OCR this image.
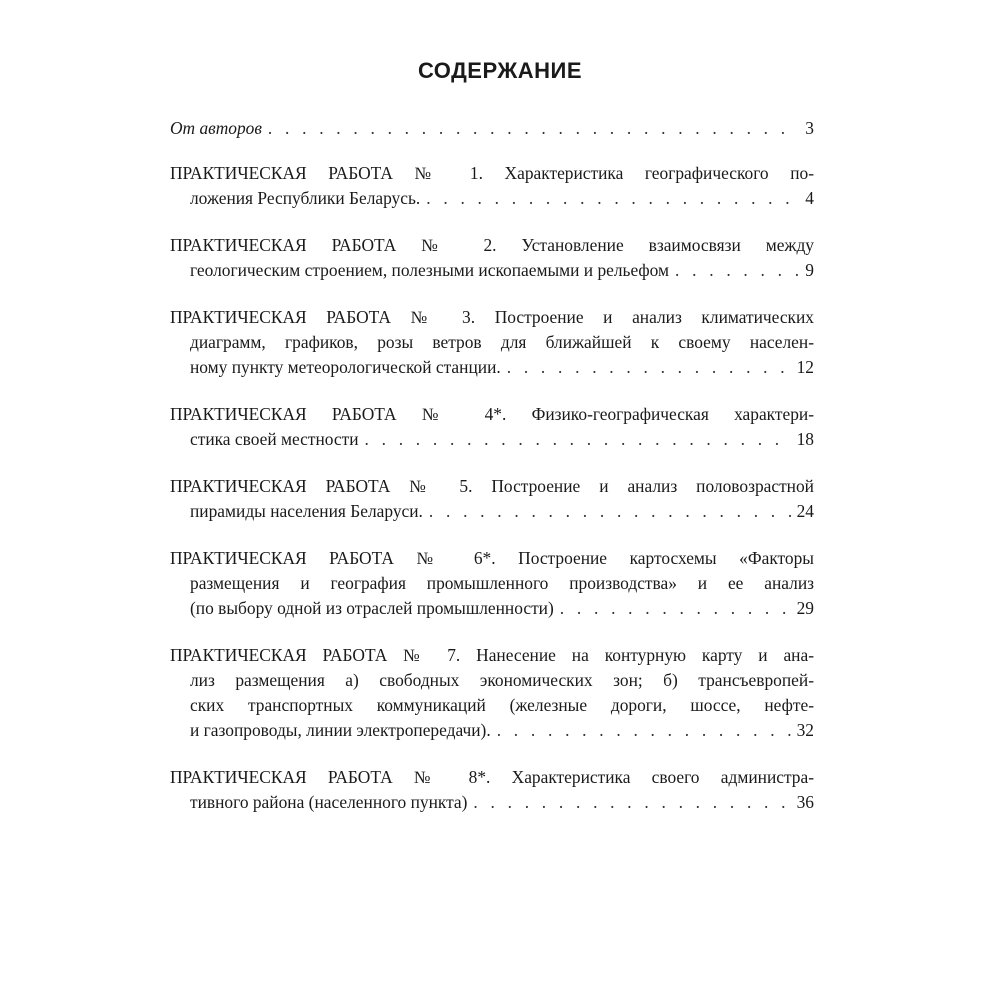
СОДЕРЖАНИЕ
От авторов . . .	3
ПРАКТИЧЕСКАЯ РАБОТА № 1. Характеристика географического по-
ложения Республики Беларусь. . . .	4
ПРАКТИЧЕСКАЯ РАБОТА № 2. Установление взаимосвязи между
геологическим строением, полезными ископаемыми и рельефом . . .	9
ПРАКТИЧЕСКАЯ РАБОТА № 3. Построение и анализ климатических
диаграмм, графиков, розы ветров для ближайшей к своему населен-
ному пункту метеорологической станции. . . .	12
ПРАКТИЧЕСКАЯ РАБОТА № 4*. Физико-географическая характери-
стика своей местности . . .	18
ПРАКТИЧЕСКАЯ РАБОТА № 5. Построение и анализ половозрастной
пирамиды населения Беларуси. . . .	24
ПРАКТИЧЕСКАЯ РАБОТА № 6*. Построение картосхемы «Факторы
размещения и география промышленного производства» и ее анализ
(по выбору одной из отраслей промышленности) . . .	29
ПРАКТИЧЕСКАЯ РАБОТА № 7. Нанесение на контурную карту и ана-
лиз размещения а) свободных экономических зон; б) трансъевропей-
ских транспортных коммуникаций (железные дороги, шоссе, нефте-
и газопроводы, линии электропередачи). . . .	32
ПРАКТИЧЕСКАЯ РАБОТА № 8*. Характеристика своего администра-
тивного района (населенного пункта) . . .	36
